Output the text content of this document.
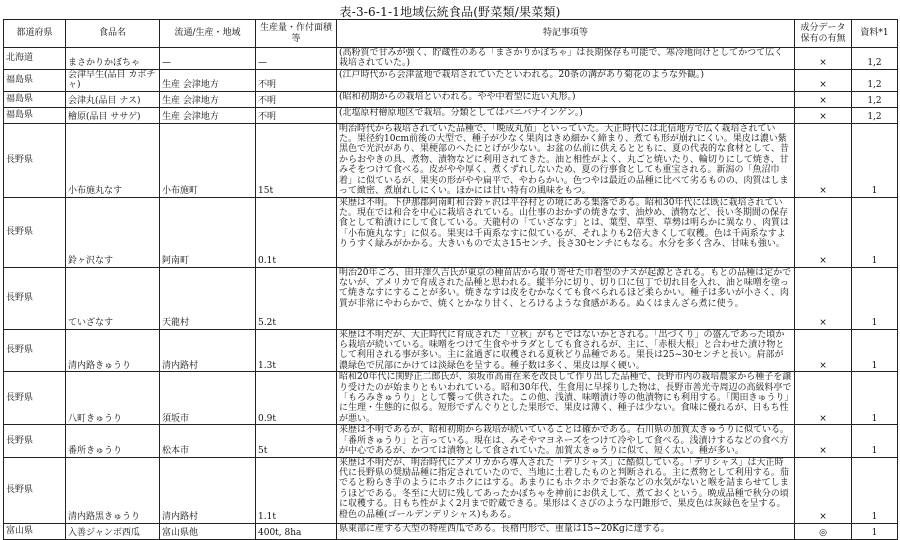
表-3-6-1-1地域伝統食品(野菜類/果菜類)
都道府県	食品名	流通/生産・地域	生産量・作付面積等	特記事項等	成分データ保有の有無	資料*1
北海道	まさかりかぼちゃ	—	—	(高粉質で甘みが強く、貯蔵性のある「まさかりかぼちゃ」は長期保存も可能で、寒冷地向けとしてかつて広く栽培されていた。)	×	1,2
福島県	会津早生(品目 カボチャ)	生産 会津地方	不明	(江戸時代から会津盆地で栽培されていたといわれる。20条の溝があり菊花のような外観。)	×	1,2
福島県	会津丸(品目 ナス)	生産 会津地方	不明	(昭和初期からの栽培といわれる。やや中着型に近い丸形。)	×	1,2
福島県	檜原(品目 ササゲ)	生産 会津地方	不明	(北塩原村檜原地区で栽培。分類としてはバニバナインゲン。)	×	1,2
長野県	小布施丸なす	小布施町	15t	明治時代から栽培されていた品種で、「晩成丸茄」といっていた。大正時代には北信地方で広く栽培されていた。果径約10cm前後の大型で、種子が少なく果肉はきめ細かく締まり、煮ても形が崩れにくい。果皮は濃い紫黒色で光沢があり、果梗部のへたにとげが少ない。お盆の仏前に供えるとともに、夏の代表的な食材として、昔からおやきの具、煮物、漬物などに利用されてきた。油と相性がよく、丸ごと焼いたり、輪切りにして焼き、甘みそをつけて食べる。皮がやや厚く、煮くずれしないため、夏の行事食としても重宝される。新潟の「魚沼巾着」に似ているが、果実の形がやや扁平で、やわらかい。色つやは最近の品種に比べて劣るものの、肉質はしまって緻密、煮崩れしにくい。ほかには甘い特有の風味をもつ。	×	1
長野県	鈴ヶ沢なす	阿南町	0.1t	来歴は不明。下伊那郡阿南町和合鈴ヶ沢は平谷村との境にある集落である。昭和30年代には既に栽培されていた。現在では和合を中心に栽培されている。山仕事のおかずの焼きなす、油炒め、漬物など、長い冬期間の保存食として粕漬けにして食している。天龍村の「ていざなす」とは、葉型、草型、草勢は明らかに異なり、肉質は「小布施丸なす」に似る。果実は千両系なすに似ているが、それよりも2倍大きくして収穫。色は千両系なすよりうすく緑みがかかる。大きいもので太さ15センチ、長さ30センチにもなる。水分を多く含み、甘味も強い。	×	1
長野県	ていざなす	天龍村	5.2t	明治20年ごろ、田井澤久吉氏が東京の種苗店から取り寄せた巾着型のナスが起源とされる。もとの品種は定かでないが、アメリカで育成された品種と思われる。縦半分に切り、切り口に包丁で切れ目を入れ、油と味噌を塗って焼きなすにすることが多い。焼きなすは皮をむかなくても食べられるほど柔らかい。種子は多いが小さく、肉質が非常にやわらかで、焼くとかなり甘く、とろけるような食感がある。ぬくはまんざら煮に使う。	×	1
長野県	清内路きゅうり	清内路村	1.3t	来歴は不明だが、大正時代に育成された「立秋」がもとではないかとされる。「出づくり」の盛んであった頃から栽培が続いている。味噌をつけて生食やサラダとしても食されるが、主に、「赤根大根」と合わせた漬け物として利用される事が多い。主に盆過ぎに収穫される夏秋どり品種である。果長は25~30センチと長い。肩部が濃緑色で尻部にかけては淡緑色を呈する。種子数は多く、果皮は厚く硬い。	×	1
長野県	八町きゅうり	須坂市	0.9t	昭和20年代に関野正二郎氏が、須坂市高甫在来を改良して作り出した品種で、長野市内の栽培農家から種子を譲り受けたのが始まりともいわれている。昭和30年代、生食用に早採りした物は、長野市善光寺周辺の高級料亭で「もろみきゅうり」として饗って供された。この他、浅漬、味噌漬け等の他漬物にも利用する。「関田きゅうり」に生理・生態的に似る。短形でずんぐりとした果形で、果皮は薄く、種子は少ない。食味に優れるが、日もち性が悪い。	×	1
長野県	番所きゅうり	松本市	5t	来歴は不明であるが、昭和初期から栽培が続いていることは確かである。石川県の加賀太きゅうりに似ている。「番所きゅうり」と言っている。現在は、みそやマヨネーズをつけて冷やして食べる。浅漬けするなどの食べ方が中心であるが、かつては漬物として食されていた。加賀太きゅうりに似て、短く太い。種が多い。	×	1
長野県	清内路黒きゅうり	清内路村	1.1t	来歴は不明だが、明治時代にアメリカから導入された「デリシャス」に酷似している。「デリシャス」は大正時代に長野県の奨励品種に指定されていたので、当地に土着したものと判断される。主に煮物として利用する。茄でると粉らき芋のようにホクホクにはする。あまりにもホクホクでお茶などの水気がないと喉を詰まらせてしまうほどである。冬至に大切に残してあったかぼちゃを神前にお供えして、煮ておくという。晩成品種で秋分の頃に収穫する。日もち性がよく2月まで貯蔵できる。果形はくさびのような円錐形で、果皮色は灰緑色を呈する。橙色の品種(ゴールデンデリシャス)もある。	×	1
富山県	入善ジャンボ西瓜	富山県他	400t, 8ha	県東部に産する大型の特産西瓜である。長楕円形で、重量は15~20Kgに達する。	◎	1
